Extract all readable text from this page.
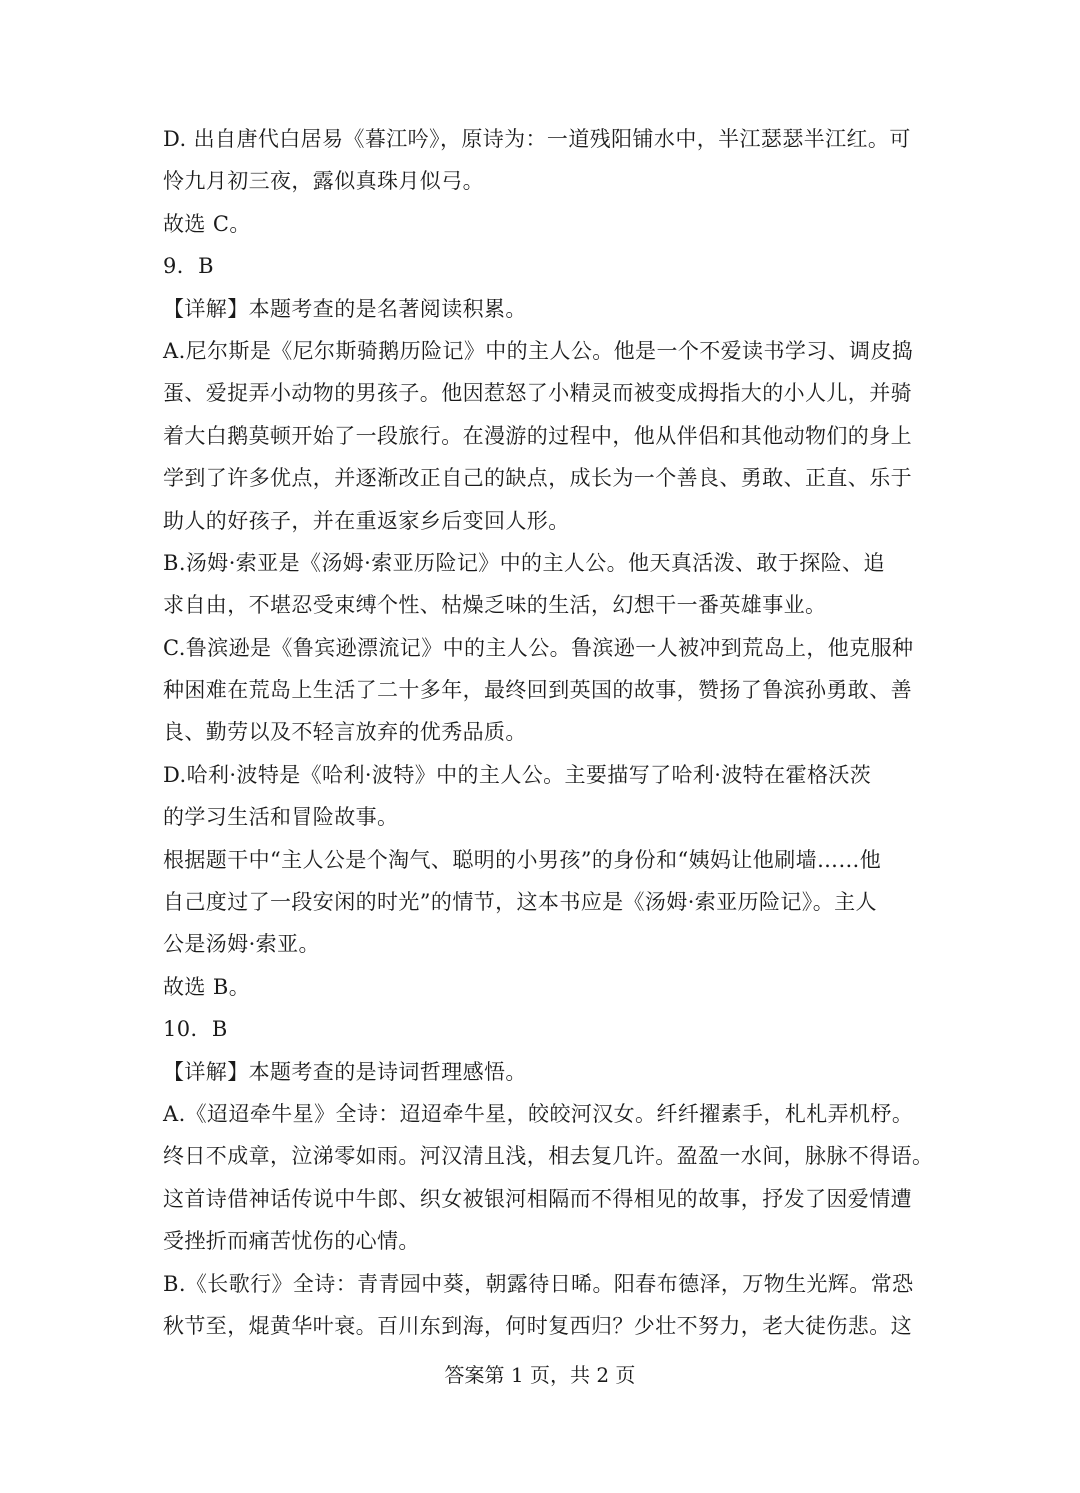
D. 出自唐代白居易《暮江吟》，原诗为：一道残阳铺水中，半江瑟瑟半江红。可
怜九月初三夜，露似真珠月似弓。
故选 C。
9．B
【详解】本题考查的是名著阅读积累。
A.尼尔斯是《尼尔斯骑鹅历险记》中的主人公。他是一个不爱读书学习、调皮捣
蛋、爱捉弄小动物的男孩子。他因惹怒了小精灵而被变成拇指大的小人儿，并骑
着大白鹅莫顿开始了一段旅行。在漫游的过程中，他从伴侣和其他动物们的身上
学到了许多优点，并逐渐改正自己的缺点，成长为一个善良、勇敢、正直、乐于
助人的好孩子，并在重返家乡后变回人形。
B.汤姆·索亚是《汤姆·索亚历险记》中的主人公。他天真活泼、敢于探险、追
求自由，不堪忍受束缚个性、枯燥乏味的生活，幻想干一番英雄事业。
C.鲁滨逊是《鲁宾逊漂流记》中的主人公。鲁滨逊一人被冲到荒岛上，他克服种
种困难在荒岛上生活了二十多年，最终回到英国的故事，赞扬了鲁滨孙勇敢、善
良、勤劳以及不轻言放弃的优秀品质。
D.哈利·波特是《哈利·波特》中的主人公。主要描写了哈利·波特在霍格沃茨
的学习生活和冒险故事。
根据题干中“主人公是个淘气、聪明的小男孩”的身份和“姨妈让他刷墙……他
自己度过了一段安闲的时光”的情节，这本书应是《汤姆·索亚历险记》。主人
公是汤姆·索亚。
故选 B。
10．B
【详解】本题考查的是诗词哲理感悟。
A.《迢迢牵牛星》全诗：迢迢牵牛星，皎皎河汉女。纤纤擢素手，札札弄机杼。
终日不成章，泣涕零如雨。河汉清且浅，相去复几许。盈盈一水间，脉脉不得语。
这首诗借神话传说中牛郎、织女被银河相隔而不得相见的故事，抒发了因爱情遭
受挫折而痛苦忧伤的心情。
B.《长歌行》全诗：青青园中葵，朝露待日晞。阳春布德泽，万物生光辉。常恐
秋节至，焜黄华叶衰。百川东到海，何时复西归？少壮不努力，老大徒伤悲。这
答案第 1 页，共 2 页
